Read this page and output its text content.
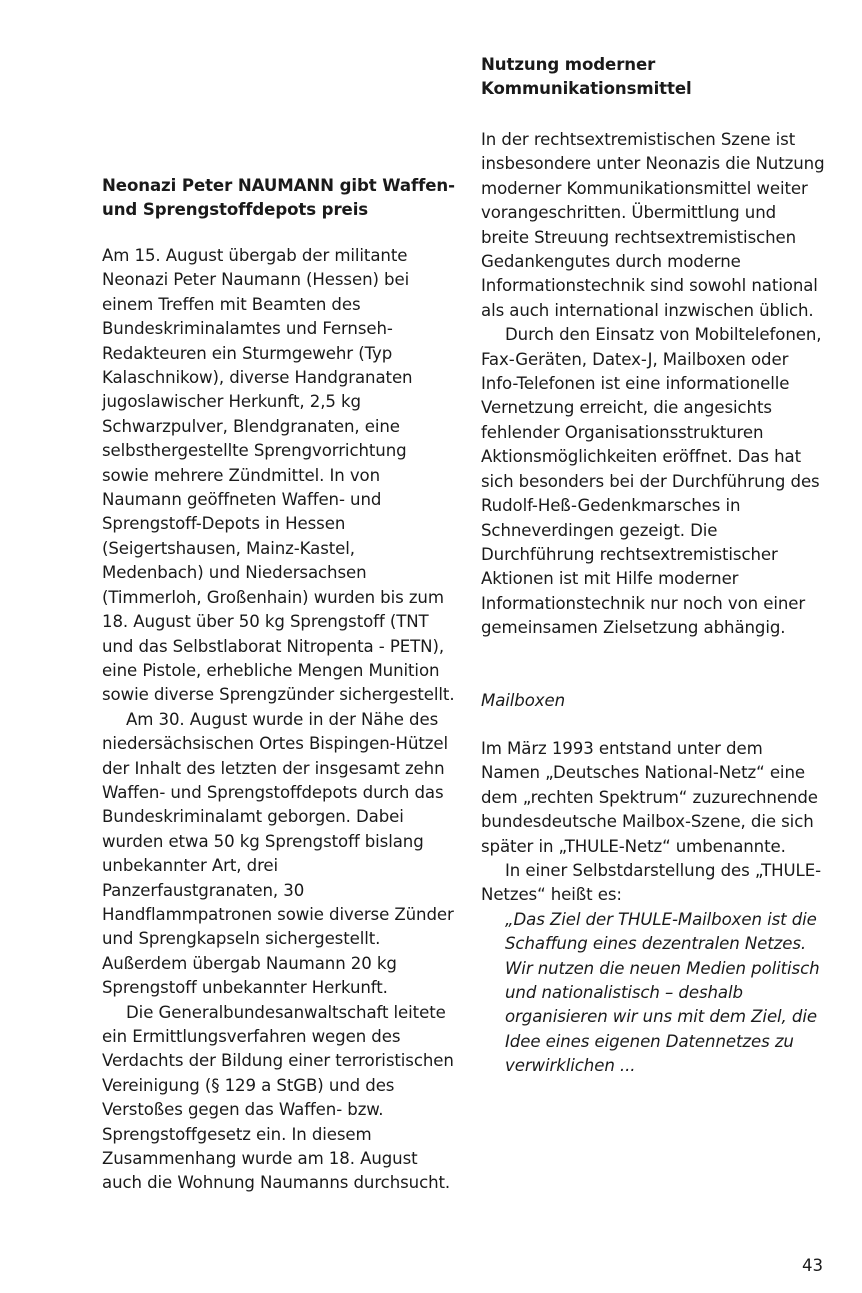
Neonazi Peter NAUMANN gibt Waffen- und Sprengstoffdepots preis

Am 15. August übergab der militante Neonazi Peter Naumann (Hessen) bei einem Treffen mit Beamten des Bundeskriminalamtes und Fernseh-Redakteuren ein Sturmgewehr (Typ Kalaschnikow), diverse Handgranaten jugoslawischer Herkunft, 2,5 kg Schwarzpulver, Blendgranaten, eine selbsthergestellte Sprengvorrichtung sowie mehrere Zündmittel. In von Naumann geöffneten Waffen- und Sprengstoff-Depots in Hessen (Seigertshausen, Mainz-Kastel, Medenbach) und Niedersachsen (Timmerloh, Großenhain) wurden bis zum 18. August über 50 kg Sprengstoff (TNT und das Selbstlaborat Nitropenta - PETN), eine Pistole, erhebliche Mengen Munition sowie diverse Sprengzünder sichergestellt.

Am 30. August wurde in der Nähe des niedersächsischen Ortes Bispingen-Hützel der Inhalt des letzten der insgesamt zehn Waffen- und Sprengstoffdepots durch das Bundeskriminalamt geborgen. Dabei wurden etwa 50 kg Sprengstoff bislang unbekannter Art, drei Panzerfaustgranaten, 30 Handflammpatronen sowie diverse Zünder und Sprengkapseln sichergestellt. Außerdem übergab Naumann 20 kg Sprengstoff unbekannter Herkunft.

Die Generalbundesanwaltschaft leitete ein Ermittlungsverfahren wegen des Verdachts der Bildung einer terroristischen Vereinigung (§ 129 a StGB) und des Verstoßes gegen das Waffen- bzw. Sprengstoffgesetz ein. In diesem Zusammenhang wurde am 18. August auch die Wohnung Naumanns durchsucht.

Nutzung moderner Kommunikationsmittel

In der rechtsextremistischen Szene ist insbesondere unter Neonazis die Nutzung moderner Kommunikationsmittel weiter vorangeschritten. Übermittlung und breite Streuung rechtsextremistischen Gedankengutes durch moderne Informationstechnik sind sowohl national als auch international inzwischen üblich.

Durch den Einsatz von Mobiltelefonen, Fax-Geräten, Datex-J, Mailboxen oder Info-Telefonen ist eine informationelle Vernetzung erreicht, die angesichts fehlender Organisationsstrukturen Aktionsmöglichkeiten eröffnet. Das hat sich besonders bei der Durchführung des Rudolf-Heß-Gedenkmarsches in Schneverdingen gezeigt. Die Durchführung rechtsextremistischer Aktionen ist mit Hilfe moderner Informationstechnik nur noch von einer gemeinsamen Zielsetzung abhängig.

Mailboxen

Im März 1993 entstand unter dem Namen „Deutsches National-Netz“ eine dem „rechten Spektrum“ zuzurechnende bundesdeutsche Mailbox-Szene, die sich später in „THULE-Netz“ umbenannte.

In einer Selbstdarstellung des „THULE-Netzes“ heißt es:

„Das Ziel der THULE-Mailboxen ist die Schaffung eines dezentralen Netzes. Wir nutzen die neuen Medien politisch und nationalistisch – deshalb organisieren wir uns mit dem Ziel, die Idee eines eigenen Datennetzes zu verwirklichen ...

43
